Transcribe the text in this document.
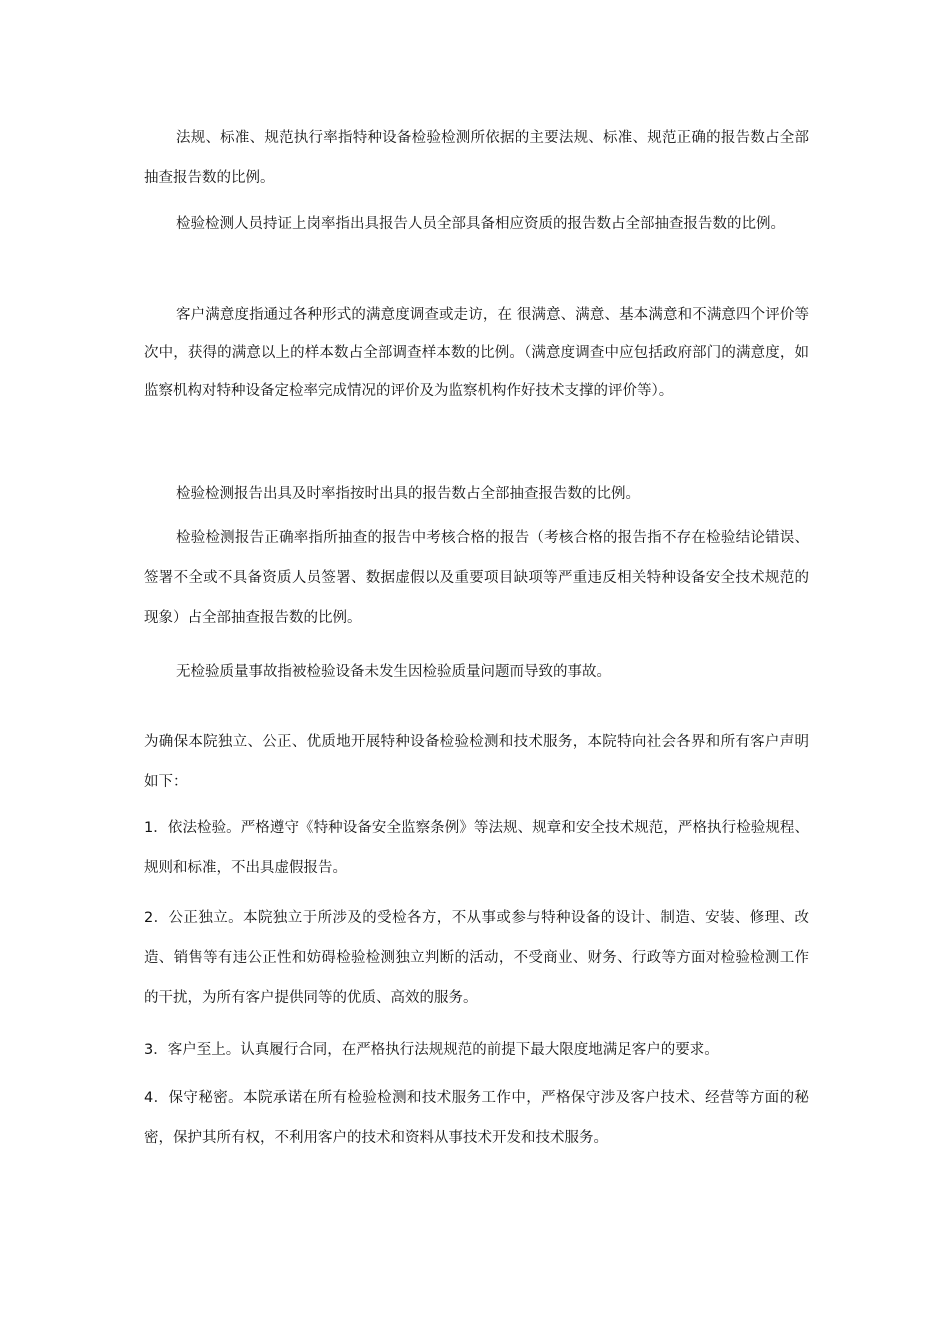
法规、标准、规范执行率指特种设备检验检测所依据的主要法规、标准、规范正确的报告数占全部抽查报告数的比例。

检验检测人员持证上岗率指出具报告人员全部具备相应资质的报告数占全部抽查报告数的比例。

客户满意度指通过各种形式的满意度调查或走访，在 很满意、满意、基本满意和不满意四个评价等次中，获得的满意以上的样本数占全部调查样本数的比例。（满意度调查中应包括政府部门的满意度，如监察机构对特种设备定检率完成情况的评价及为监察机构作好技术支撑的评价等）。

检验检测报告出具及时率指按时出具的报告数占全部抽查报告数的比例。

检验检测报告正确率指所抽查的报告中考核合格的报告（考核合格的报告指不存在检验结论错误、签署不全或不具备资质人员签署、数据虚假以及重要项目缺项等严重违反相关特种设备安全技术规范的现象）占全部抽查报告数的比例。

无检验质量事故指被检验设备未发生因检验质量问题而导致的事故。

为确保本院独立、公正、优质地开展特种设备检验检测和技术服务，本院特向社会各界和所有客户声明如下：

1．依法检验。严格遵守《特种设备安全监察条例》等法规、规章和安全技术规范，严格执行检验规程、规则和标准，不出具虚假报告。

2．公正独立。本院独立于所涉及的受检各方，不从事或参与特种设备的设计、制造、安装、修理、改造、销售等有违公正性和妨碍检验检测独立判断的活动，不受商业、财务、行政等方面对检验检测工作的干扰，为所有客户提供同等的优质、高效的服务。

3．客户至上。认真履行合同，在严格执行法规规范的前提下最大限度地满足客户的要求。

4．保守秘密。本院承诺在所有检验检测和技术服务工作中，严格保守涉及客户技术、经营等方面的秘密，保护其所有权，不利用客户的技术和资料从事技术开发和技术服务。
